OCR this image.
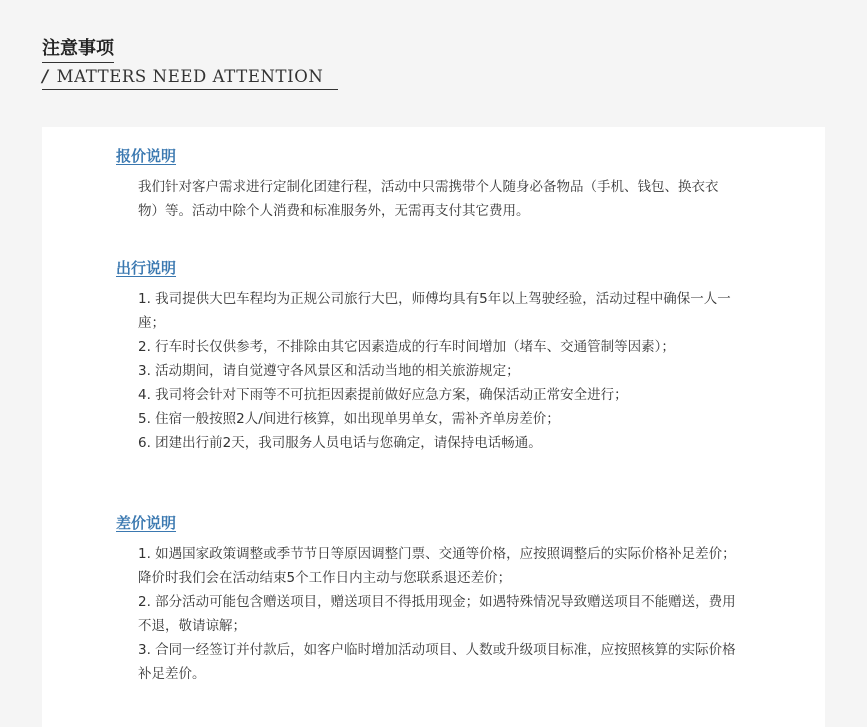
注意事项
/ MATTERS NEED ATTENTION
报价说明

我们针对客户需求进行定制化团建行程，活动中只需携带个人随身必备物品（手机、钱包、换衣衣物）等。活动中除个人消费和标准服务外，无需再支付其它费用。

出行说明

1. 我司提供大巴车程均为正规公司旅行大巴，师傅均具有5年以上驾驶经验，活动过程中确保一人一座；

2. 行车时长仅供参考，不排除由其它因素造成的行车时间增加（堵车、交通管制等因素）；

3. 活动期间，请自觉遵守各风景区和活动当地的相关旅游规定；

4. 我司将会针对下雨等不可抗拒因素提前做好应急方案，确保活动正常安全进行；

5. 住宿一般按照2人/间进行核算，如出现单男单女，需补齐单房差价；

6. 团建出行前2天，我司服务人员电话与您确定，请保持电话畅通。

差价说明

1. 如遇国家政策调整或季节节日等原因调整门票、交通等价格，应按照调整后的实际价格补足差价；降价时我们会在活动结束5个工作日内主动与您联系退还差价；

2. 部分活动可能包含赠送项目，赠送项目不得抵用现金；如遇特殊情况导致赠送项目不能赠送，费用不退，敬请谅解；

3. 合同一经签订并付款后，如客户临时增加活动项目、人数或升级项目标准，应按照核算的实际价格补足差价。
